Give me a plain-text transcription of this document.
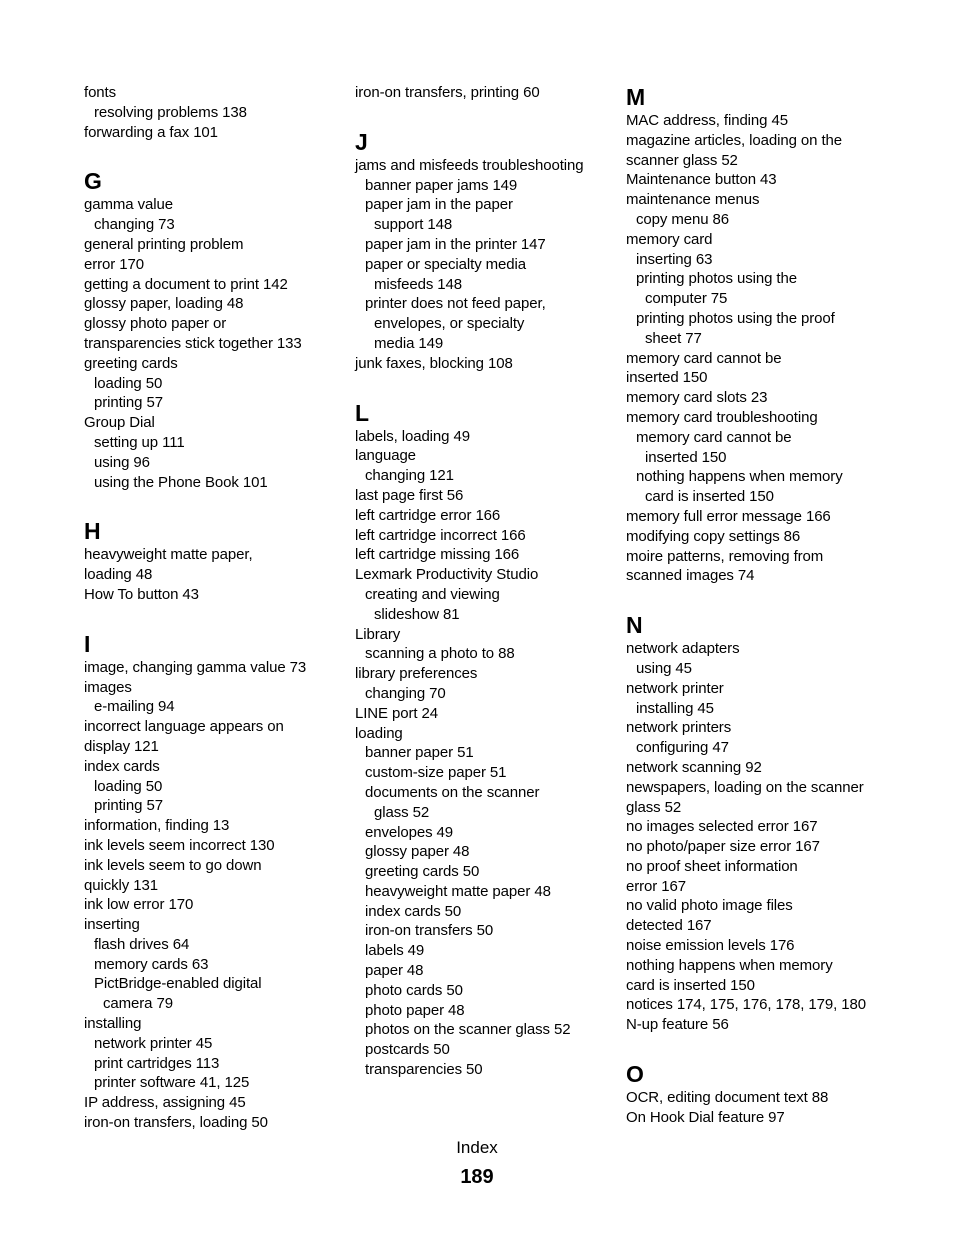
fonts
resolving problems 138
forwarding a fax 101
G
gamma value
changing 73
general printing problem
error 170
getting a document to print 142
glossy paper, loading 48
glossy photo paper or
transparencies stick together 133
greeting cards
loading 50
printing 57
Group Dial
setting up 111
using 96
using the Phone Book 101
H
heavyweight matte paper,
loading 48
How To button 43
I
image, changing gamma value 73
images
e-mailing 94
incorrect language appears on
display 121
index cards
loading 50
printing 57
information, finding 13
ink levels seem incorrect 130
ink levels seem to go down
quickly 131
ink low error 170
inserting
flash drives 64
memory cards 63
PictBridge-enabled digital
camera 79
installing
network printer 45
print cartridges 113
printer software 41, 125
IP address, assigning 45
iron-on transfers, loading 50
iron-on transfers, printing 60
J
jams and misfeeds troubleshooting
banner paper jams 149
paper jam in the paper
support 148
paper jam in the printer 147
paper or specialty media
misfeeds 148
printer does not feed paper,
envelopes, or specialty
media 149
junk faxes, blocking 108
L
labels, loading 49
language
changing 121
last page first 56
left cartridge error 166
left cartridge incorrect 166
left cartridge missing 166
Lexmark Productivity Studio
creating and viewing
slideshow 81
Library
scanning a photo to 88
library preferences
changing 70
LINE port 24
loading
banner paper 51
custom-size paper 51
documents on the scanner
glass 52
envelopes 49
glossy paper 48
greeting cards 50
heavyweight matte paper 48
index cards 50
iron-on transfers 50
labels 49
paper 48
photo cards 50
photo paper 48
photos on the scanner glass 52
postcards 50
transparencies 50
M
MAC address, finding 45
magazine articles, loading on the
scanner glass 52
Maintenance button 43
maintenance menus
copy menu 86
memory card
inserting 63
printing photos using the
computer 75
printing photos using the proof
sheet 77
memory card cannot be
inserted 150
memory card slots 23
memory card troubleshooting
memory card cannot be
inserted 150
nothing happens when memory
card is inserted 150
memory full error message 166
modifying copy settings 86
moire patterns, removing from
scanned images 74
N
network adapters
using 45
network printer
installing 45
network printers
configuring 47
network scanning 92
newspapers, loading on the scanner
glass 52
no images selected error 167
no photo/paper size error 167
no proof sheet information
error 167
no valid photo image files
detected 167
noise emission levels 176
nothing happens when memory
card is inserted 150
notices 174, 175, 176, 178, 179, 180
N-up feature 56
O
OCR, editing document text 88
On Hook Dial feature 97
Index
189
